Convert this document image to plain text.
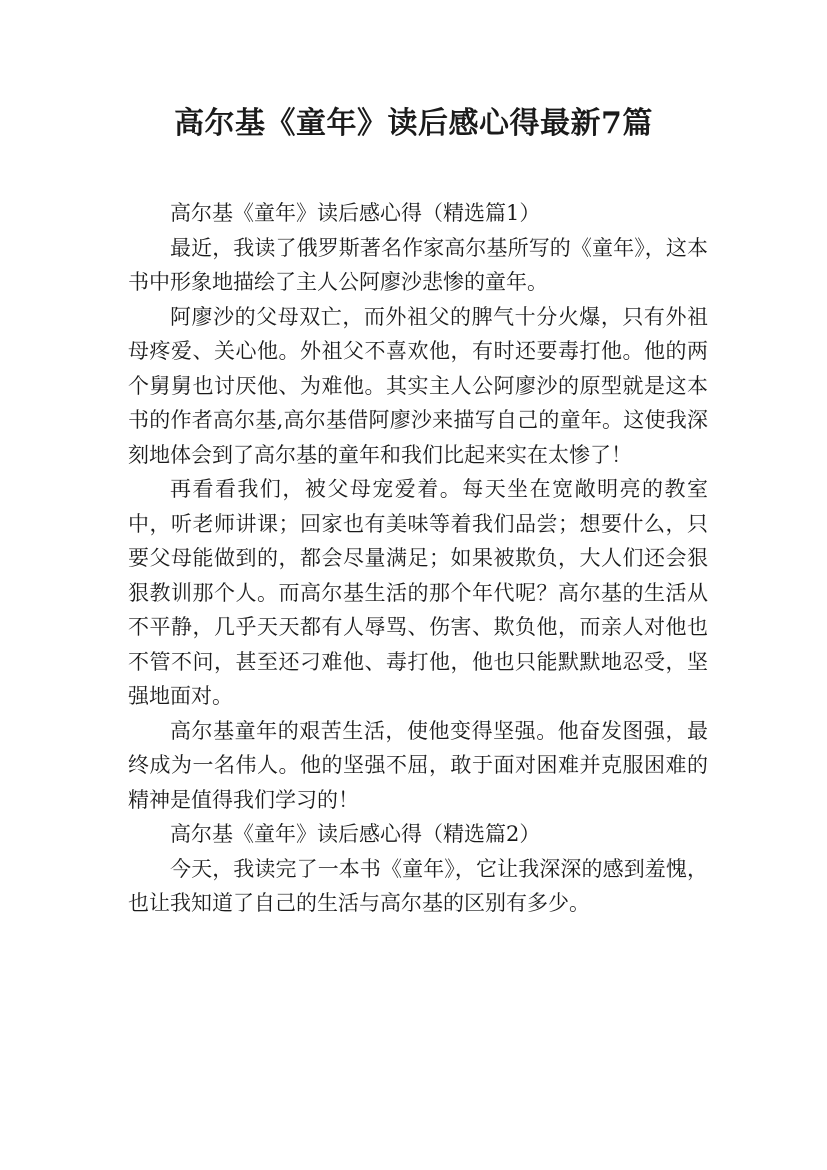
高尔基《童年》读后感心得最新7篇
高尔基《童年》读后感心得（精选篇1）

最近，我读了俄罗斯著名作家高尔基所写的《童年》，这本书中形象地描绘了主人公阿廖沙悲惨的童年。

阿廖沙的父母双亡，而外祖父的脾气十分火爆，只有外祖母疼爱、关心他。外祖父不喜欢他，有时还要毒打他。他的两个舅舅也讨厌他、为难他。其实主人公阿廖沙的原型就是这本书的作者高尔基,高尔基借阿廖沙来描写自己的童年。这使我深刻地体会到了高尔基的童年和我们比起来实在太惨了！

再看看我们，被父母宠爱着。每天坐在宽敞明亮的教室中，听老师讲课；回家也有美味等着我们品尝；想要什么，只要父母能做到的，都会尽量满足；如果被欺负，大人们还会狠狠教训那个人。而高尔基生活的那个年代呢？高尔基的生活从不平静，几乎天天都有人辱骂、伤害、欺负他，而亲人对他也不管不问，甚至还刁难他、毒打他，他也只能默默地忍受，坚强地面对。

高尔基童年的艰苦生活，使他变得坚强。他奋发图强，最终成为一名伟人。他的坚强不屈，敢于面对困难并克服困难的精神是值得我们学习的！

高尔基《童年》读后感心得（精选篇2）

今天，我读完了一本书《童年》，它让我深深的感到羞愧，也让我知道了自己的生活与高尔基的区别有多少。
